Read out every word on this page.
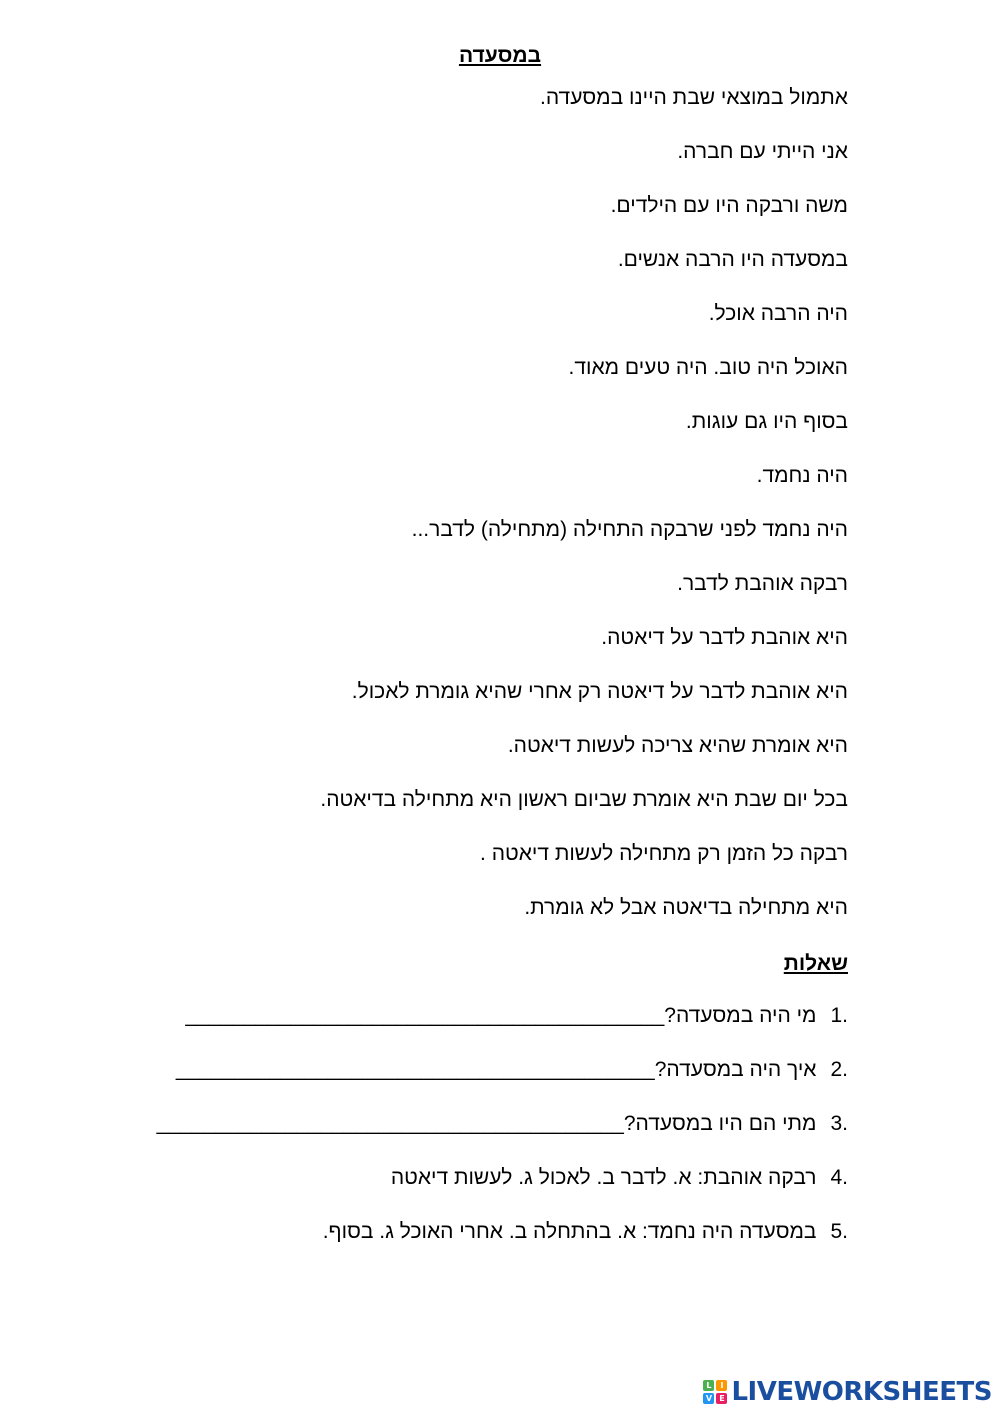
במסעדה
אתמול במוצאי שבת היינו במסעדה.
אני הייתי עם חברה.
משה ורבקה היו עם הילדים.
במסעדה היו הרבה אנשים.
היה הרבה אוכל.
האוכל היה טוב. היה טעים מאוד.
בסוף היו גם עוגות.
היה נחמד.
היה נחמד לפני שרבקה התחילה (מתחילה) לדבר...
רבקה אוהבת לדבר.
היא אוהבת לדבר על דיאטה.
היא אוהבת לדבר על דיאטה רק אחרי שהיא גומרת לאכול.
היא אומרת שהיא צריכה לעשות דיאטה.
בכל יום שבת היא אומרת שביום ראשון היא מתחילה בדיאטה.
רבקה כל הזמן רק מתחילה לעשות דיאטה .
היא מתחילה בדיאטה אבל לא גומרת.
שאלות
1.מי היה במסעדה?_________________________________________
2.איך היה במסעדה?_________________________________________
3.מתי הם היו במסעדה?________________________________________
4.רבקה אוהבת: א. לדבר ב. לאכול ג. לעשות דיאטה
5.במסעדה היה נחמד: א. בהתחלה ב. אחרי האוכל ג. בסוף.
L	I
V E LIVEWORKSHEETS
